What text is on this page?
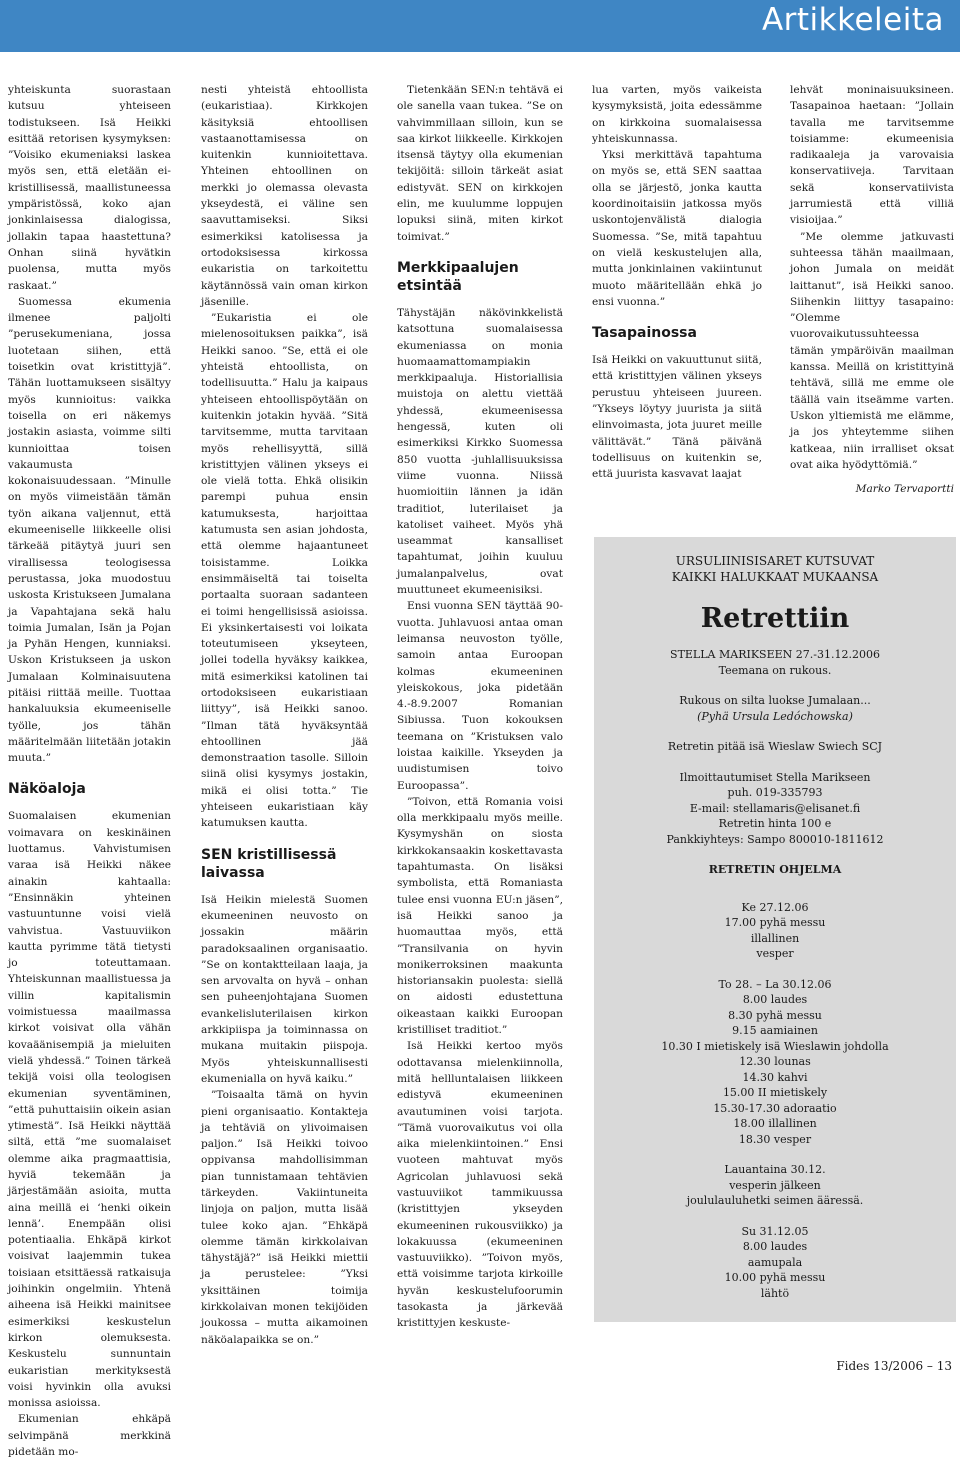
Artikkeleita

yhteiskunta suorastaan kutsuu yhteiseen todistukseen. Isä Heikki esittää retorisen kysymyksen: ”Voisiko ekumeniaksi laskea myös sen, että eletään ei-kristillisessä, maallistuneessa ympäristössä, koko ajan jonkinlaisessa dialogissa, jollakin tapaa haastettuna? Onhan siinä hyvätkin puolensa, mutta myös raskaat.”

Suomessa ekumenia ilmenee paljolti ”perusekumeniana, jossa luotetaan siihen, että toisetkin ovat kristittyjä”. Tähän luottamukseen sisältyy myös kunnioitus: vaikka toisella on eri näkemys jostakin asiasta, voimme silti kunnioittaa toisen vakaumusta kokonaisuudessaan. ”Minulle on myös viimeistään tämän työn aikana valjennut, että ekumeeniselle liikkeelle olisi tärkeää pitäytyä juuri sen virallisessa teologisessa perustassa, joka muodostuu uskosta Kristukseen Jumalana ja Vapahtajana sekä halu toimia Jumalan, Isän ja Pojan ja Pyhän Hengen, kunniaksi. Uskon Kristukseen ja uskon Jumalaan Kolminaisuutena pitäisi riittää meille. Tuottaa hankaluuksia ekumeeniselle työlle, jos tähän määritelmään liitetään jotakin muuta.”

Näköaloja

Suomalaisen ekumenian voimavara on keskinäinen luottamus. Vahvistumisen varaa isä Heikki näkee ainakin kahtaalla: ”Ensinnäkin yhteinen vastuuntunne voisi vielä vahvistua. Vastuuviikon kautta pyrimme tätä tietysti jo toteuttamaan. Yhteiskunnan maallistuessa ja villin kapitalismin voimistuessa maailmassa kirkot voisivat olla vähän kovaäänisempiä ja mieluiten vielä yhdessä.” Toinen tärkeä tekijä voisi olla teologisen ekumenian syventäminen, ”että puhuttaisiin oikein asian ytimestä”. Isä Heikki näyttää siltä, että ”me suomalaiset olemme aika pragmaattisia, hyviä tekemään ja järjestämään asioita, mutta aina meillä ei ‘henki oikein lennä’. Enempään olisi potentiaalia. Ehkäpä kirkot voisivat laajemmin tukea toisiaan etsittäessä ratkaisuja joihinkin ongelmiin. Yhtenä aiheena isä Heikki mainitsee esimerkiksi keskustelun kirkon olemuksesta. Keskustelu sunnuntain eukaristian merkityksestä voisi hyvinkin olla avuksi monissa asioissa.

Ekumenian ehkäpä selvimpänä merkkinä pidetään mo-

nesti yhteistä ehtoollista (eukaristiaa). Kirkkojen käsityksiä ehtoollisen vastaanottamisessa on kuitenkin kunnioitettava. Yhteinen ehtoollinen on merkki jo olemassa olevasta ykseydestä, ei väline sen saavuttamiseksi. Siksi esimerkiksi katolisessa ja ortodoksisessa kirkossa eukaristia on tarkoitettu käytännössä vain oman kirkon jäsenille.

”Eukaristia ei ole mielenosoituksen paikka”, isä Heikki sanoo. ”Se, että ei ole yhteistä ehtoollista, on todellisuutta.” Halu ja kaipaus yhteiseen ehtoollispöytään on kuitenkin jotakin hyvää. ”Sitä tarvitsemme, mutta tarvitaan myös rehellisyyttä, sillä kristittyjen välinen ykseys ei ole vielä totta. Ehkä olisikin parempi puhua ensin katumuksesta, harjoittaa katumusta sen asian johdosta, että olemme hajaantuneet toisistamme. Loikka ensimmäiseltä tai toiselta portaalta suoraan sadanteen ei toimi hengellisissä asioissa. Ei yksinkertaisesti voi loikata toteutumiseen ykseyteen, jollei todella hyväksy kaikkea, mitä esimerkiksi katolinen tai ortodoksiseen eukaristiaan liittyy”, isä Heikki sanoo. ”Ilman tätä hyväksyntää ehtoollinen jää demonstraation tasolle. Silloin siinä olisi kysymys jostakin, mikä ei olisi totta.” Tie yhteiseen eukaristiaan käy katumuksen kautta.

SEN kristillisessä laivassa

Isä Heikin mielestä Suomen ekumeeninen neuvosto on jossakin määrin paradoksaalinen organisaatio. ”Se on kontaktteilaan laaja, ja sen arvovalta on hyvä – onhan sen puheenjohtajana Suomen evankelisluterilaisen kirkon arkkipiispa ja toiminnassa on mukana muitakin piispoja. Myös yhteiskunnallisesti ekumenialla on hyvä kaiku.”

”Toisaalta tämä on hyvin pieni organisaatio. Kontakteja ja tehtäviä on ylivoimaisen paljon.” Isä Heikki toivoo oppivansa mahdollisimman pian tunnistamaan tehtävien tärkeyden. Vakiintuneita linjoja on paljon, mutta lisää tulee koko ajan. ”Ehkäpä olemme tämän kirkkolaivan tähystäjä?” isä Heikki miettii ja perustelee: ”Yksi yksittäinen toimija kirkkolaivan monen tekijöiden joukossa – mutta aikamoinen näköalapaikka se on.”

Tietenkään SEN:n tehtävä ei ole sanella vaan tukea. ”Se on vahvimmillaan silloin, kun se saa kirkot liikkeelle. Kirkkojen itsensä täytyy olla ekumenian tekijöitä: silloin tärkeät asiat edistyvät. SEN on kirkkojen elin, me kuulumme loppujen lopuksi siinä, miten kirkot toimivat.”

Merkkipaalujen etsintää

Tähystäjän näkövinkkelistä katsottuna suomalaisessa ekumeniassa on monia huomaamattomampiakin merkkipaaluja. Historiallisia muistoja on alettu viettää yhdessä, ekumeenisessa hengessä, kuten oli esimerkiksi Kirkko Suomessa 850 vuotta -juhlallisuuksissa viime vuonna. Niissä huomioitiin lännen ja idän traditiot, luterilaiset ja katoliset vaiheet. Myös yhä useammat kansalliset tapahtumat, joihin kuuluu jumalanpalvelus, ovat muuttuneet ekumeenisiksi.

Ensi vuonna SEN täyttää 90-vuotta. Juhlavuosi antaa oman leimansa neuvoston työlle, samoin antaa Euroopan kolmas ekumeeninen yleiskokous, joka pidetään 4.-8.9.2007 Romanian Sibiussa. Tuon kokouksen teemana on ”Kristuksen valo loistaa kaikille. Ykseyden ja uudistumisen toivo Euroopassa”.

”Toivon, että Romania voisi olla merkkipaalu myös meille. Kysymyshän on siosta kirkkokansaakin koskettavasta tapahtumasta. On lisäksi symbolista, että Romaniasta tulee ensi vuonna EU:n jäsen”, isä Heikki sanoo ja huomauttaa myös, että ”Transilvania on hyvin monikerroksinen maakunta historiansakin puolesta: siellä on aidosti edustettuna oikeastaan kaikki Euroopan kristilliset traditiot.”

Isä Heikki kertoo myös odottavansa mielenkiinnolla, mitä hellluntalaisen liikkeen edistyvä ekumeeninen avautuminen voisi tarjota. ”Tämä vuorovaikutus voi olla aika mielenkiintoinen.” Ensi vuoteen mahtuvat myös Agricolan juhlavuosi sekä vastuuviikot tammikuussa (kristittyjen ykseyden ekumeeninen rukousviikko) ja lokakuussa (ekumeeninen vastuuviikko). ”Toivon myös, että voisimme tarjota kirkoille hyvän keskustelufoorumin tasokasta ja järkevää kristittyjen keskuste-

lua varten, myös vaikeista kysymyksistä, joita edessämme on kirkkoina suomalaisessa yhteiskunnassa.

Yksi merkittävä tapahtuma on myös se, että SEN saattaa olla se järjestö, jonka kautta koordinoitaisiin jatkossa myös uskontojenvälistä dialogia Suomessa. ”Se, mitä tapahtuu on vielä keskustelujen alla, mutta jonkinlainen vakiintunut muoto määritellään ehkä jo ensi vuonna.”

Tasapainossa

Isä Heikki on vakuuttunut siitä, että kristittyjen välinen ykseys perustuu yhteiseen juureen. ”Ykseys löytyy juurista ja siitä elinvoimasta, jota juuret meille välittävät.” Tänä päivänä todellisuus on kuitenkin se, että juurista kasvavat laajat

lehvät moninaisuuksineen. Tasapainoa haetaan: ”Jollain tavalla me tarvitsemme toisiamme: ekumeenisia radikaaleja ja varovaisia konservatiiveja. Tarvitaan sekä konservatiivista jarrumiestä että villiä visioijaa.”

”Me olemme jatkuvasti suhteessa tähän maailmaan, johon Jumala on meidät laittanut”, isä Heikki sanoo. Siihenkin liittyy tasapaino: ”Olemme vuorovaikutussuhteessa tämän ympäröivän maailman kanssa. Meillä on kristittyinä tehtävä, sillä me emme ole täällä vain itseämme varten. Uskon yltiemistä me elämme, ja jos yhteytemme siihen katkeaa, niin irralliset oksat ovat aika hyödyttömiä.”

Marko Tervaportti

URSULIINISISARET KUTSUVAT
KAIKKI HALUKKAAT MUKAANSA
Retrettiin
STELLA MARIKSEEN 27.-31.12.2006
Teemana on rukous.
Rukous on silta luokse Jumalaan...
(Pyhä Ursula Ledóchowska)
Retretin pitää isä Wieslaw Swiech SCJ
Ilmoittautumiset Stella Marikseen
puh. 019-335793
E-mail: stellamaris@elisanet.fi
Retretin hinta 100 e
Pankkiyhteys: Sampo 800010-1811612
RETRETIN OHJELMA
Ke 27.12.06
17.00 pyhä messu
illallinen
vesper
To 28. – La 30.12.06
8.00 laudes
8.30 pyhä messu
9.15 aamiainen
10.30 I mietiskely isä Wieslawin johdolla
12.30 lounas
14.30 kahvi
15.00 II mietiskely
15.30-17.30 adoraatio
18.00 illallinen
18.30 vesper
Lauantaina 30.12.
vesperin jälkeen
joululauluhetki seimen ääressä.
Su 31.12.05
8.00 laudes
aamupala
10.00 pyhä messu
lähtö
Fides 13/2006 – 13
